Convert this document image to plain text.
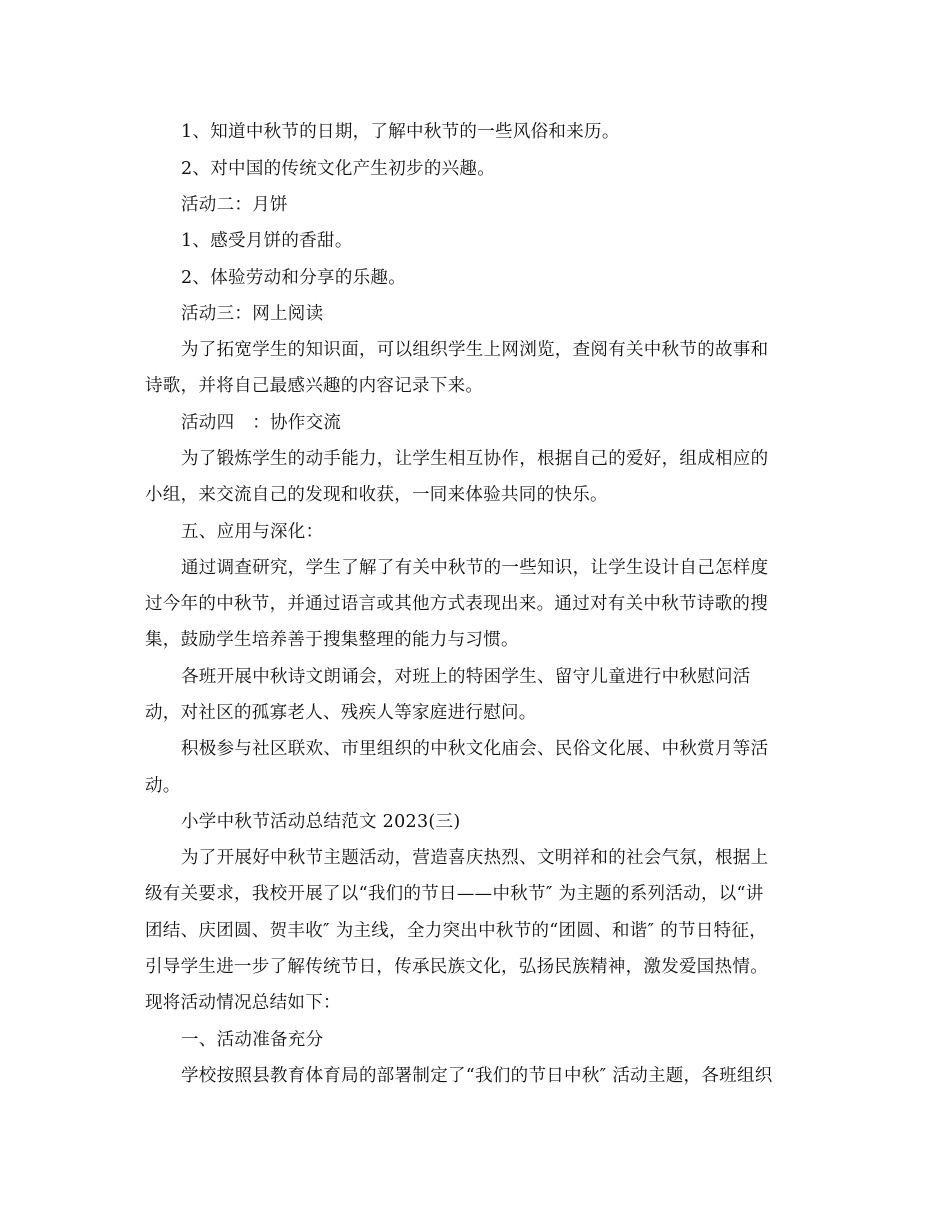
1、知道中秋节的日期，了解中秋节的一些风俗和来历。
2、对中国的传统文化产生初步的兴趣。
活动二：月饼
1、感受月饼的香甜。
2、体验劳动和分享的乐趣。
活动三：网上阅读
为了拓宽学生的知识面，可以组织学生上网浏览，查阅有关中秋节的故事和
诗歌，并将自己最感兴趣的内容记录下来。
活动四　：协作交流
为了锻炼学生的动手能力，让学生相互协作，根据自己的爱好，组成相应的
小组，来交流自己的发现和收获，一同来体验共同的快乐。
五、应用与深化：
通过调查研究，学生了解了有关中秋节的一些知识，让学生设计自己怎样度
过今年的中秋节，并通过语言或其他方式表现出来。通过对有关中秋节诗歌的搜
集，鼓励学生培养善于搜集整理的能力与习惯。
各班开展中秋诗文朗诵会，对班上的特困学生、留守儿童进行中秋慰问活
动，对社区的孤寡老人、残疾人等家庭进行慰问。
积极参与社区联欢、市里组织的中秋文化庙会、民俗文化展、中秋赏月等活
动。
小学中秋节活动总结范文 2023(三)
为了开展好中秋节主题活动，营造喜庆热烈、文明祥和的社会气氛，根据上
级有关要求，我校开展了以“我们的节日——中秋节″ 为主题的系列活动，以“讲
团结、庆团圆、贺丰收″ 为主线，全力突出中秋节的“团圆、和谐″ 的节日特征，
引导学生进一步了解传统节日，传承民族文化，弘扬民族精神，激发爱国热情。
现将活动情况总结如下：
一、活动准备充分
学校按照县教育体育局的部署制定了“我们的节日中秋″ 活动主题，各班组织
